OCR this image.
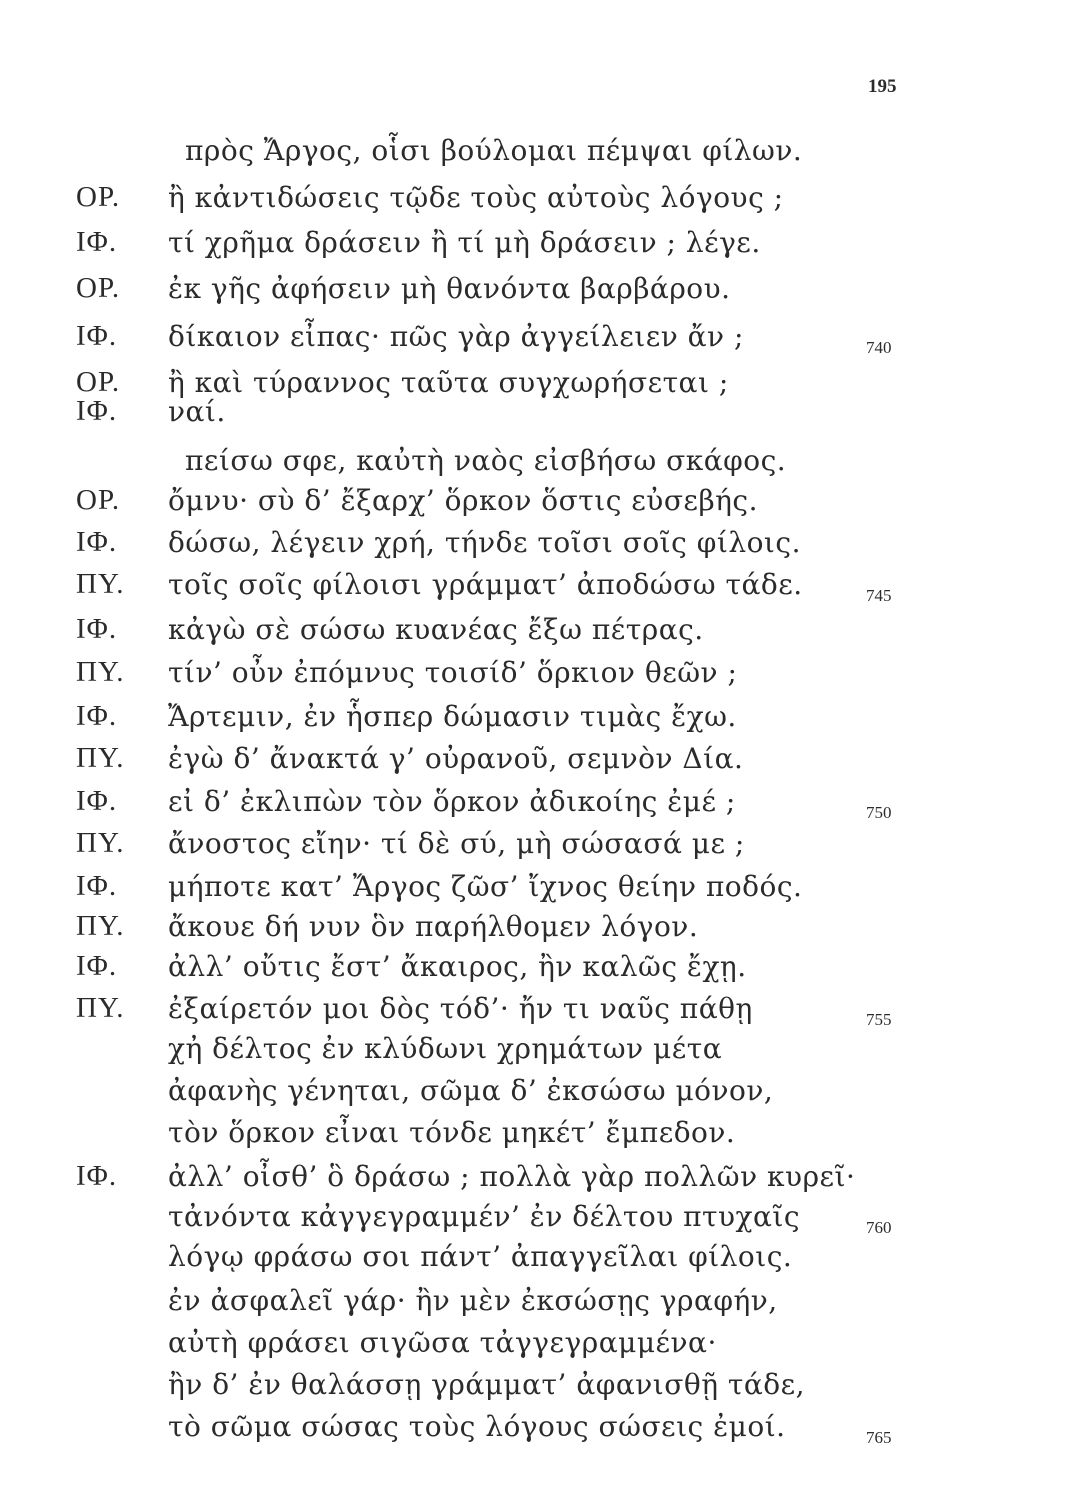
195
πρὸς Ἄργος, οἷσι βούλομαι πέμψαι φίλων.
ΟΡ. ἢ κἀντιδώσεις τῷδε τοὺς αὐτοὺς λόγους ;
ΙΦ. τί χρῆμα δράσειν ἢ τί μὴ δράσειν ; λέγε.
ΟΡ. ἐκ γῆς ἀφήσειν μὴ θανόντα βαρβάρου.
ΙΦ. δίκαιον εἶπας· πῶς γὰρ ἀγγείλειεν ἄν ;	740
ΟΡ. ἢ καὶ τύραννος ταῦτα συγχωρήσεται ;
ΙΦ. ναί.
πείσω σφε, καὐτὴ ναὸς εἰσβήσω σκάφος.
ΟΡ. ὄμνυ· σὺ δ’ ἔξαρχ’ ὅρκον ὅστις εὐσεβής.
ΙΦ. δώσω, λέγειν χρή, τήνδε τοῖσι σοῖς φίλοις.
ΠΥ. τοῖς σοῖς φίλοισι γράμματ’ ἀποδώσω τάδε.	745
ΙΦ. κἀγὼ σὲ σώσω κυανέας ἔξω πέτρας.
ΠΥ. τίν’ οὖν ἐπόμνυς τοισίδ’ ὅρκιον θεῶν ;
ΙΦ. Ἄρτεμιν, ἐν ἧσπερ δώμασιν τιμὰς ἔχω.
ΠΥ. ἐγὼ δ’ ἄνακτά γ’ οὐρανοῦ, σεμνὸν Δία.
ΙΦ. εἰ δ’ ἐκλιπὼν τὸν ὅρκον ἀδικοίης ἐμέ ;	750
ΠΥ. ἄνοστος εἴην· τί δὲ σύ, μὴ σώσασά με ;
ΙΦ. μήποτε κατ’ Ἄργος ζῶσ’ ἴχνος θείην ποδός.
ΠΥ. ἄκουε δή νυν ὃν παρήλθομεν λόγον.
ΙΦ. ἀλλ’ οὔτις ἔστ’ ἄκαιρος, ἢν καλῶς ἔχῃ.
ΠΥ. ἐξαίρετόν μοι δὸς τόδ’· ἤν τι ναῦς πάθῃ	755
χἠ δέλτος ἐν κλύδωνι χρημάτων μέτα
ἀφανὴς γένηται, σῶμα δ’ ἐκσώσω μόνον,
τὸν ὅρκον εἶναι τόνδε μηκέτ’ ἔμπεδον.
ΙΦ. ἀλλ’ οἶσθ’ ὃ δράσω ; πολλὰ γὰρ πολλῶν κυρεῖ·
τἀνόντα κἀγγεγραμμέν’ ἐν δέλτου πτυχαῖς	760
λόγῳ φράσω σοι πάντ’ ἀπαγγεῖλαι φίλοις.
ἐν ἀσφαλεῖ γάρ· ἢν μὲν ἐκσώσῃς γραφήν,
αὐτὴ φράσει σιγῶσα τἀγγεγραμμένα·
ἢν δ’ ἐν θαλάσσῃ γράμματ’ ἀφανισθῇ τάδε,
τὸ σῶμα σώσας τοὺς λόγους σώσεις ἐμοί.	765
